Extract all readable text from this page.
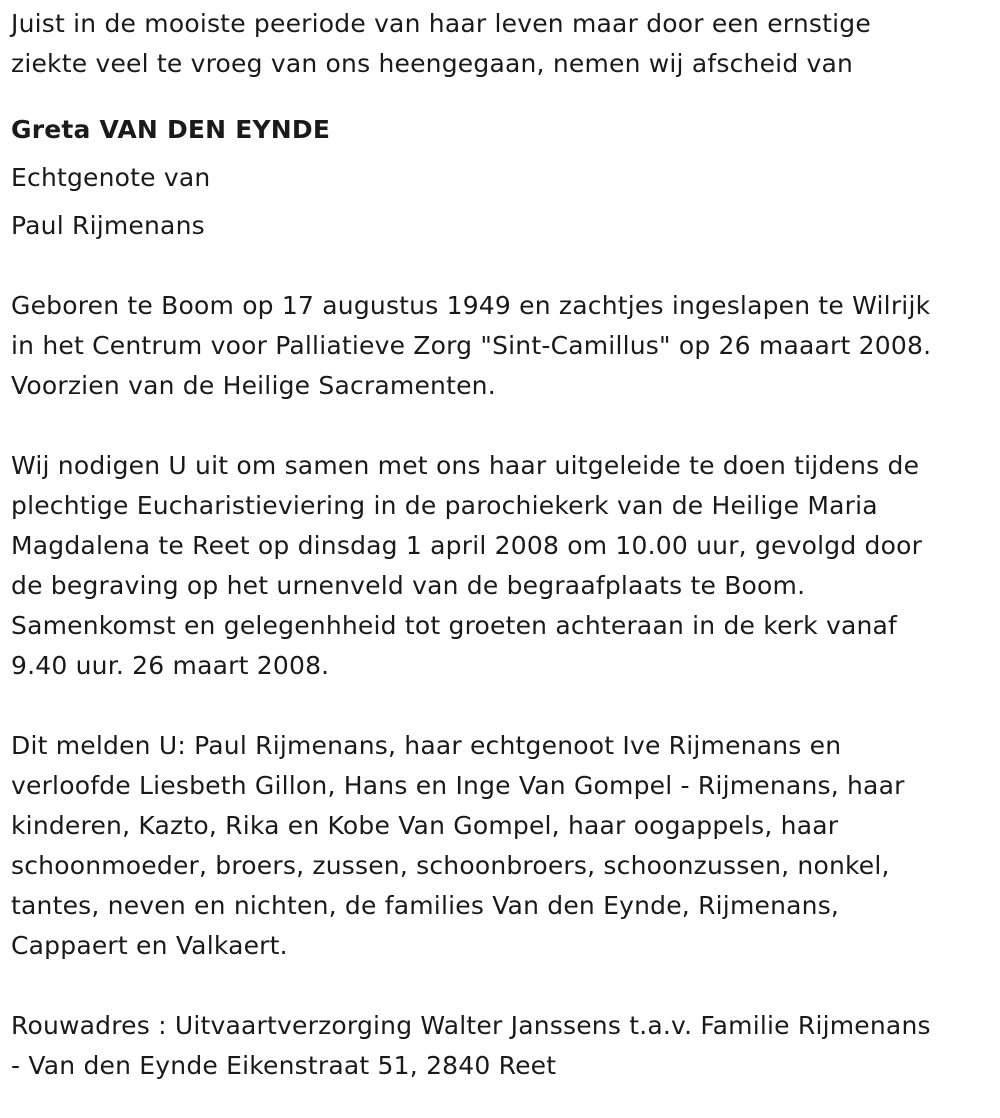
Juist in de mooiste peeriode van haar leven maar door een ernstige

ziekte veel te vroeg van ons heengegaan, nemen wij afscheid van

Greta VAN DEN EYNDE

Echtgenote van

Paul Rijmenans

Geboren te Boom op 17 augustus 1949 en zachtjes ingeslapen te Wilrijk

in het Centrum voor Palliatieve Zorg "Sint-Camillus" op 26 maaart 2008.

Voorzien van de Heilige Sacramenten.

Wij nodigen U uit om samen met ons haar uitgeleide te doen tijdens de

plechtige Eucharistieviering in de parochiekerk van de Heilige Maria

Magdalena te Reet op dinsdag 1 april 2008 om 10.00 uur, gevolgd door

de begraving op het urnenveld van de begraafplaats te Boom.

Samenkomst en gelegenhheid tot groeten achteraan in de kerk vanaf

9.40 uur. 26 maart 2008.

Dit melden U: Paul Rijmenans, haar echtgenoot Ive Rijmenans en

verloofde Liesbeth Gillon, Hans en Inge Van Gompel - Rijmenans, haar

kinderen, Kazto, Rika en Kobe Van Gompel, haar oogappels, haar

schoonmoeder, broers, zussen, schoonbroers, schoonzussen, nonkel,

tantes, neven en nichten, de families Van den Eynde, Rijmenans,

Cappaert en Valkaert.

Rouwadres : Uitvaartverzorging Walter Janssens t.a.v. Familie Rijmenans

- Van den Eynde Eikenstraat 51, 2840 Reet
